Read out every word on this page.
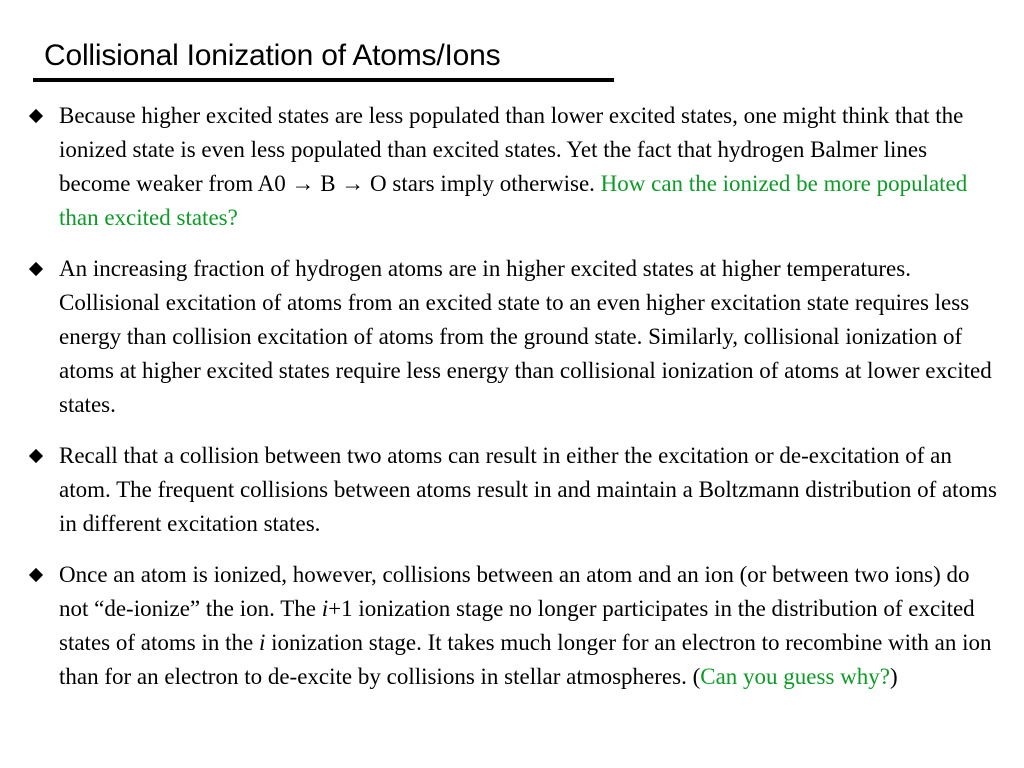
Collisional Ionization of Atoms/Ions
Because higher excited states are less populated than lower excited states, one might think that the ionized state is even less populated than excited states. Yet the fact that hydrogen Balmer lines become weaker from A0 → B → O stars imply otherwise. How can the ionized be more populated than excited states?
An increasing fraction of hydrogen atoms are in higher excited states at higher temperatures. Collisional excitation of atoms from an excited state to an even higher excitation state requires less energy than collision excitation of atoms from the ground state. Similarly, collisional ionization of atoms at higher excited states require less energy than collisional ionization of atoms at lower excited states.
Recall that a collision between two atoms can result in either the excitation or de-excitation of an atom. The frequent collisions between atoms result in and maintain a Boltzmann distribution of atoms in different excitation states.
Once an atom is ionized, however, collisions between an atom and an ion (or between two ions) do not “de-ionize” the ion. The i+1 ionization stage no longer participates in the distribution of excited states of atoms in the i ionization stage. It takes much longer for an electron to recombine with an ion than for an electron to de-excite by collisions in stellar atmospheres. (Can you guess why?)
